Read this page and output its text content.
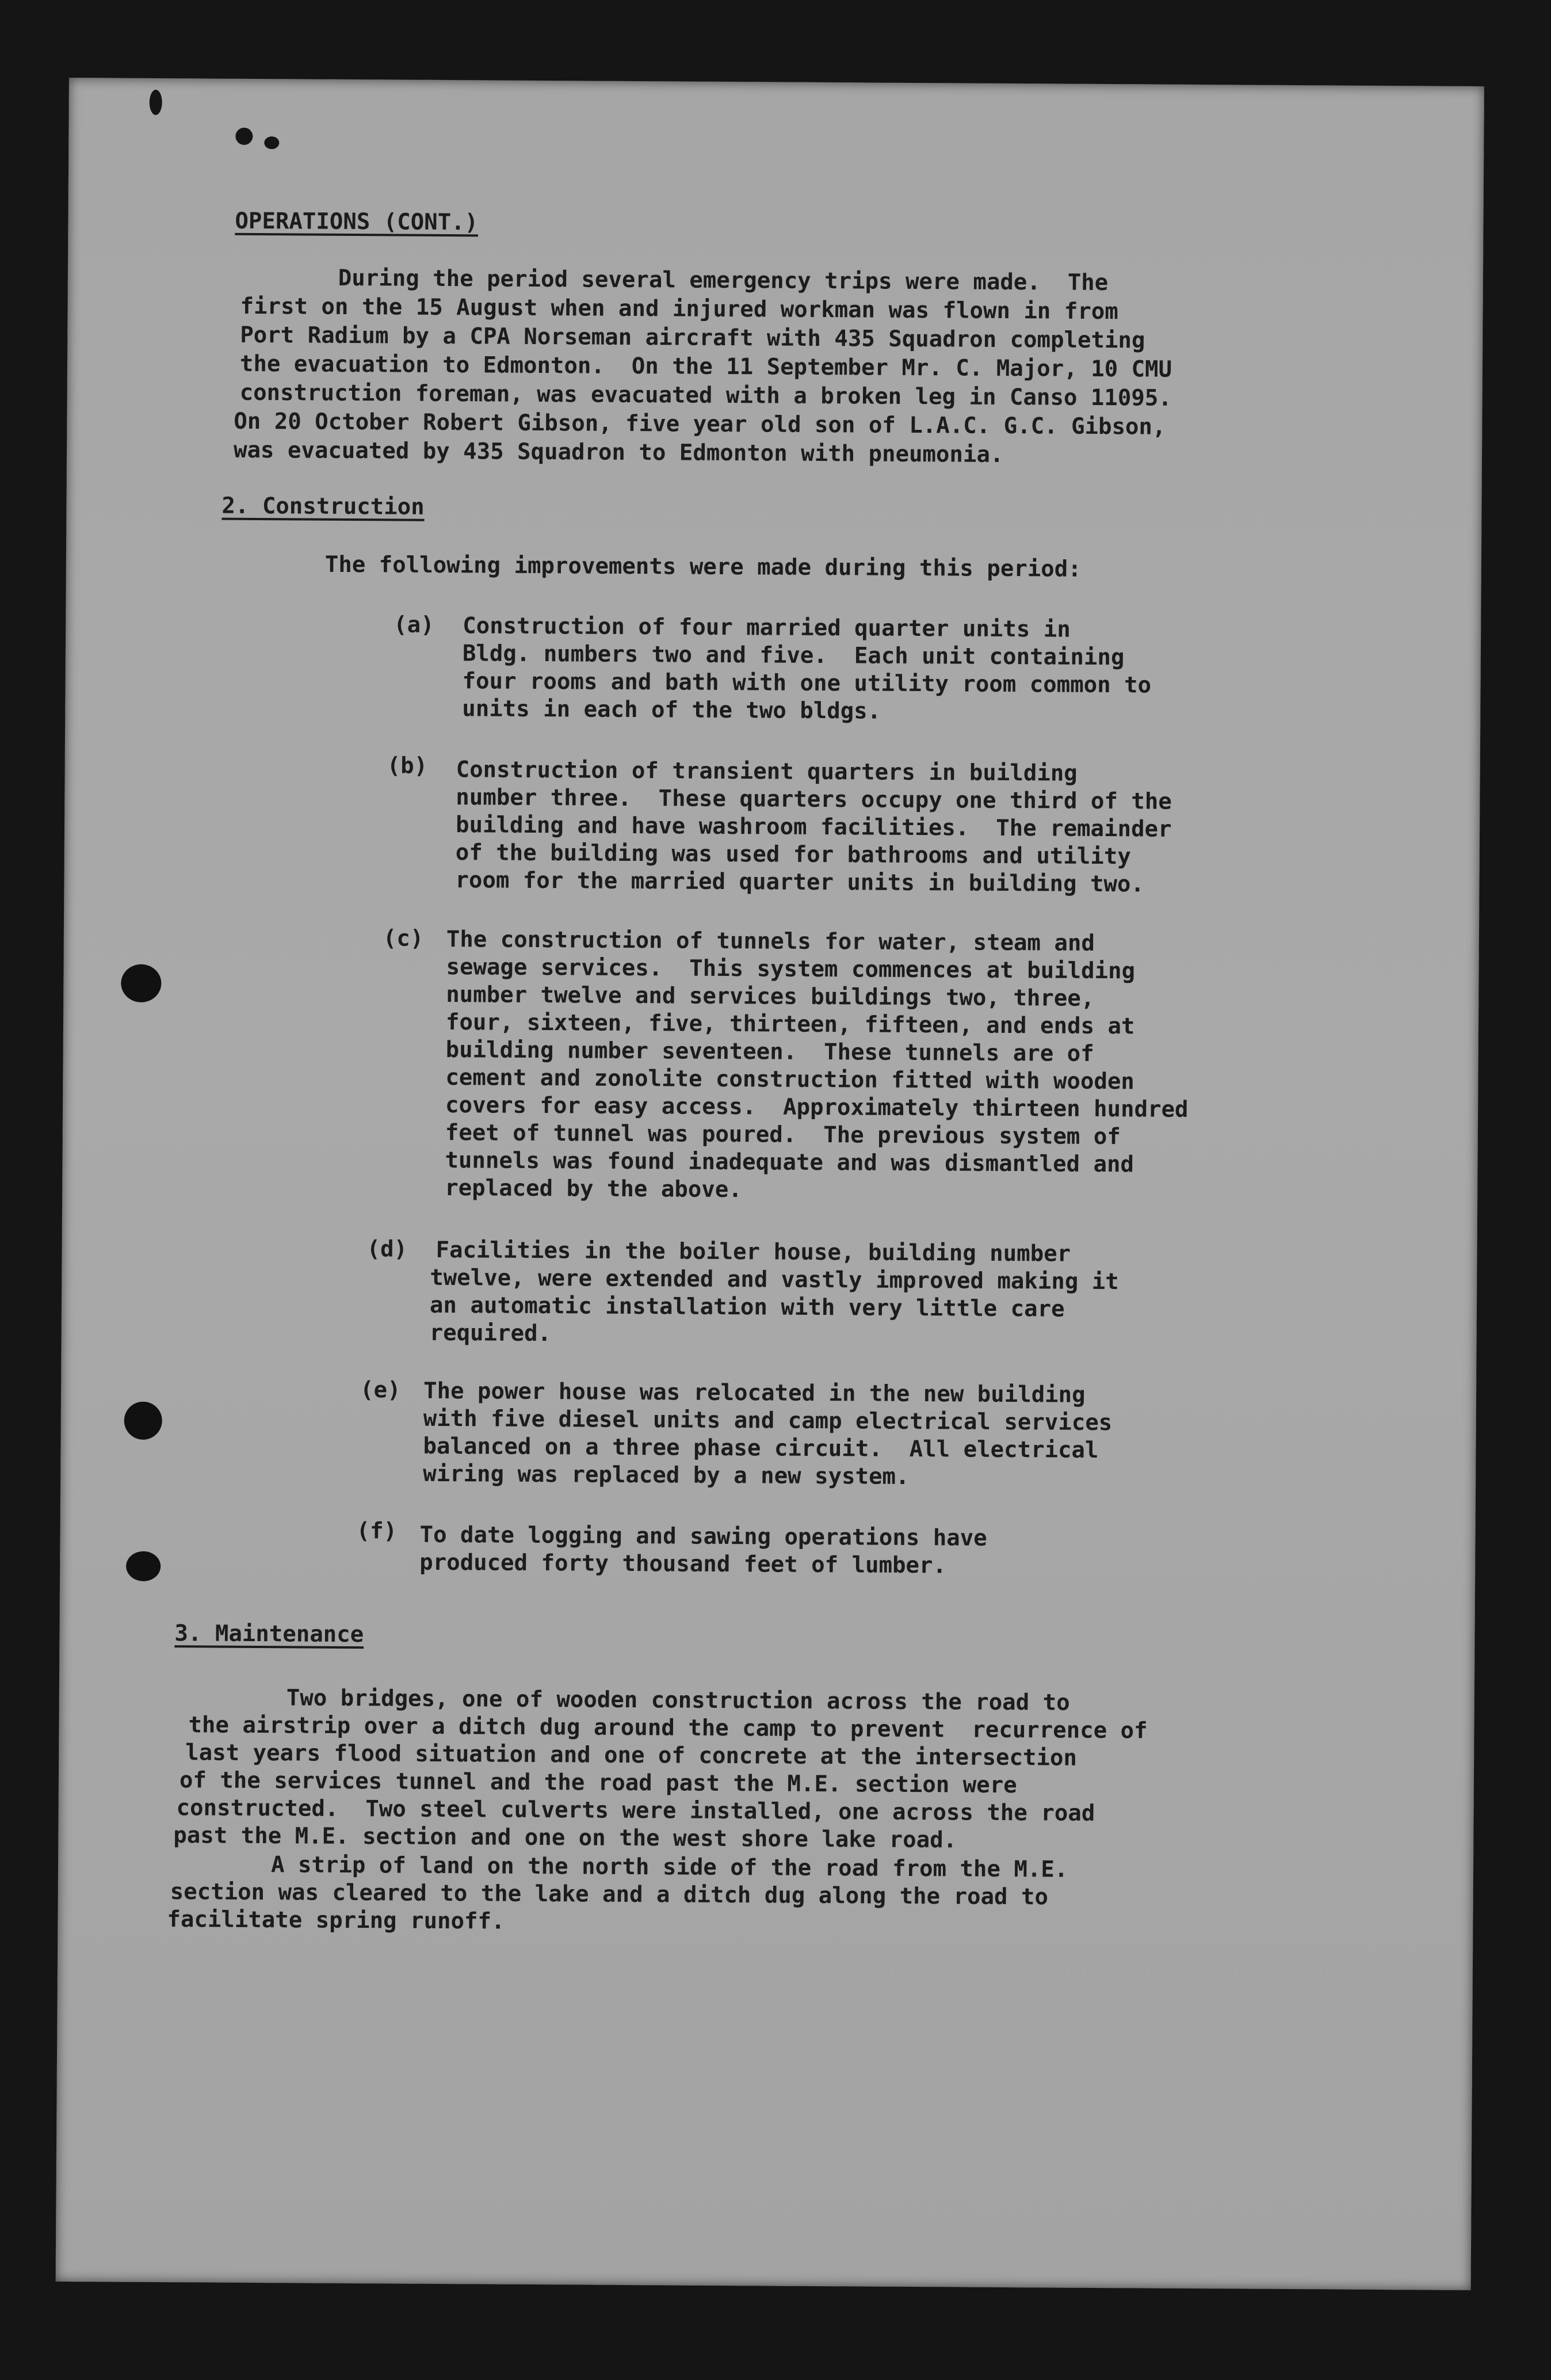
OPERATIONS (CONT.)
During the period several emergency trips were made.  The
first on the 15 August when and injured workman was flown in from
Port Radium by a CPA Norseman aircraft with 435 Squadron completing
the evacuation to Edmonton.  On the 11 September Mr. C. Major, 10 CMU
construction foreman, was evacuated with a broken leg in Canso 11095.
On 20 October Robert Gibson, five year old son of L.A.C. G.C. Gibson,
was evacuated by 435 Squadron to Edmonton with pneumonia.
2. Construction
The following improvements were made during this period:
(a) Construction of four married quarter units in
Bldg. numbers two and five.  Each unit containing
four rooms and bath with one utility room common to
units in each of the two bldgs.
(b) Construction of transient quarters in building
number three.  These quarters occupy one third of the
building and have washroom facilities.  The remainder
of the building was used for bathrooms and utility
room for the married quarter units in building two.
(c) The construction of tunnels for water, steam and
sewage services.  This system commences at building
number twelve and services buildings two, three,
four, sixteen, five, thirteen, fifteen, and ends at
building number seventeen.  These tunnels are of
cement and zonolite construction fitted with wooden
covers for easy access.  Approximately thirteen hundred
feet of tunnel was poured.  The previous system of
tunnels was found inadequate and was dismantled and
replaced by the above.
(d) Facilities in the boiler house, building number
twelve, were extended and vastly improved making it
an automatic installation with very little care
required.
(e) The power house was relocated in the new building
with five diesel units and camp electrical services
balanced on a three phase circuit.  All electrical
wiring was replaced by a new system.
(f) To date logging and sawing operations have
produced forty thousand feet of lumber.
3. Maintenance
Two bridges, one of wooden construction across the road to
the airstrip over a ditch dug around the camp to prevent  recurrence of
last years flood situation and one of concrete at the intersection
of the services tunnel and the road past the M.E. section were
constructed.  Two steel culverts were installed, one across the road
past the M.E. section and one on the west shore lake road.
A strip of land on the north side of the road from the M.E.
section was cleared to the lake and a ditch dug along the road to
facilitate spring runoff.
